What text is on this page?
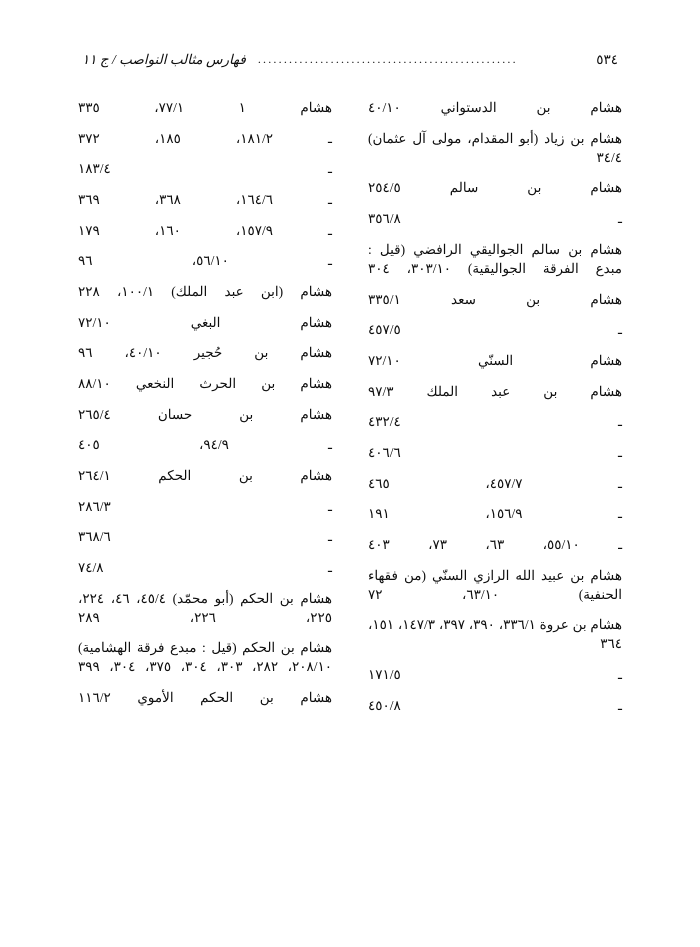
فهارس مثالب النواصب / ج ١١ ..................................................	٥٣٤
هشام بن الدستواني ٤٠/١٠
هشام بن زياد (أبو المقدام، مولى آل عثمان) ٣٤/٤
هشام بن سالم ٢٥٤/٥
ـ ٣٥٦/٨
هشام بن سالم الجواليقي الرافضي (قيل : مبدع الفرقة الجواليقية) ٣٠٣/١٠، ٣٠٤
هشام بن سعد ٣٣٥/١
ـ ٤٥٧/٥
هشام السنّي ٧٢/١٠
هشام بن عبد الملك ٩٧/٣
ـ ٤٣٢/٤
ـ ٤٠٦/٦
ـ ٤٥٧/٧، ٤٦٥
ـ ١٥٦/٩، ١٩١
ـ ٥٥/١٠، ٦٣، ٧٣، ٤٠٣
هشام بن عبيد الله الرازي السنّي (من فقهاء الحنفية) ٦٣/١٠، ٧٢
هشام بن عروة ٣٣٦/١، ٣٩٠، ٣٩٧، ١٤٧/٣، ١٥١، ٣٦٤
ـ ١٧١/٥
ـ ٤٥٠/٨
هشام ١ ٧٧/١، ٣٣٥
ـ ١٨١/٢، ١٨٥، ٣٧٢
ـ ١٨٣/٤
ـ ١٦٤/٦، ٣٦٨، ٣٦٩
ـ ١٥٧/٩، ١٦٠، ١٧٩
ـ ٥٦/١٠، ٩٦
هشام (ابن عبد الملك) ١٠٠/١، ٢٢٨
هشام البغي ٧٢/١٠
هشام بن حُجير ٤٠/١٠، ٩٦
هشام بن الحرث النخعي ٨٨/١٠
هشام بن حسان ٢٦٥/٤
ـ ٩٤/٩، ٤٠٥
هشام بن الحكم ٢٦٤/١
ـ ٢٨٦/٣
ـ ٣٦٨/٦
ـ ٧٤/٨
هشام بن الحكم (أبو محمّد) ٤٥/٤، ٤٦، ٢٢٤، ٢٢٥، ٢٢٦، ٢٨٩
هشام بن الحكم (قيل : مبدع فرقة الهشامية) ٢٠٨/١٠، ٢٨٢، ٣٠٣، ٣٠٤، ٣٧٥، ٣٠٤، ٣٩٩
هشام بن الحكم الأموي ١١٦/٢
